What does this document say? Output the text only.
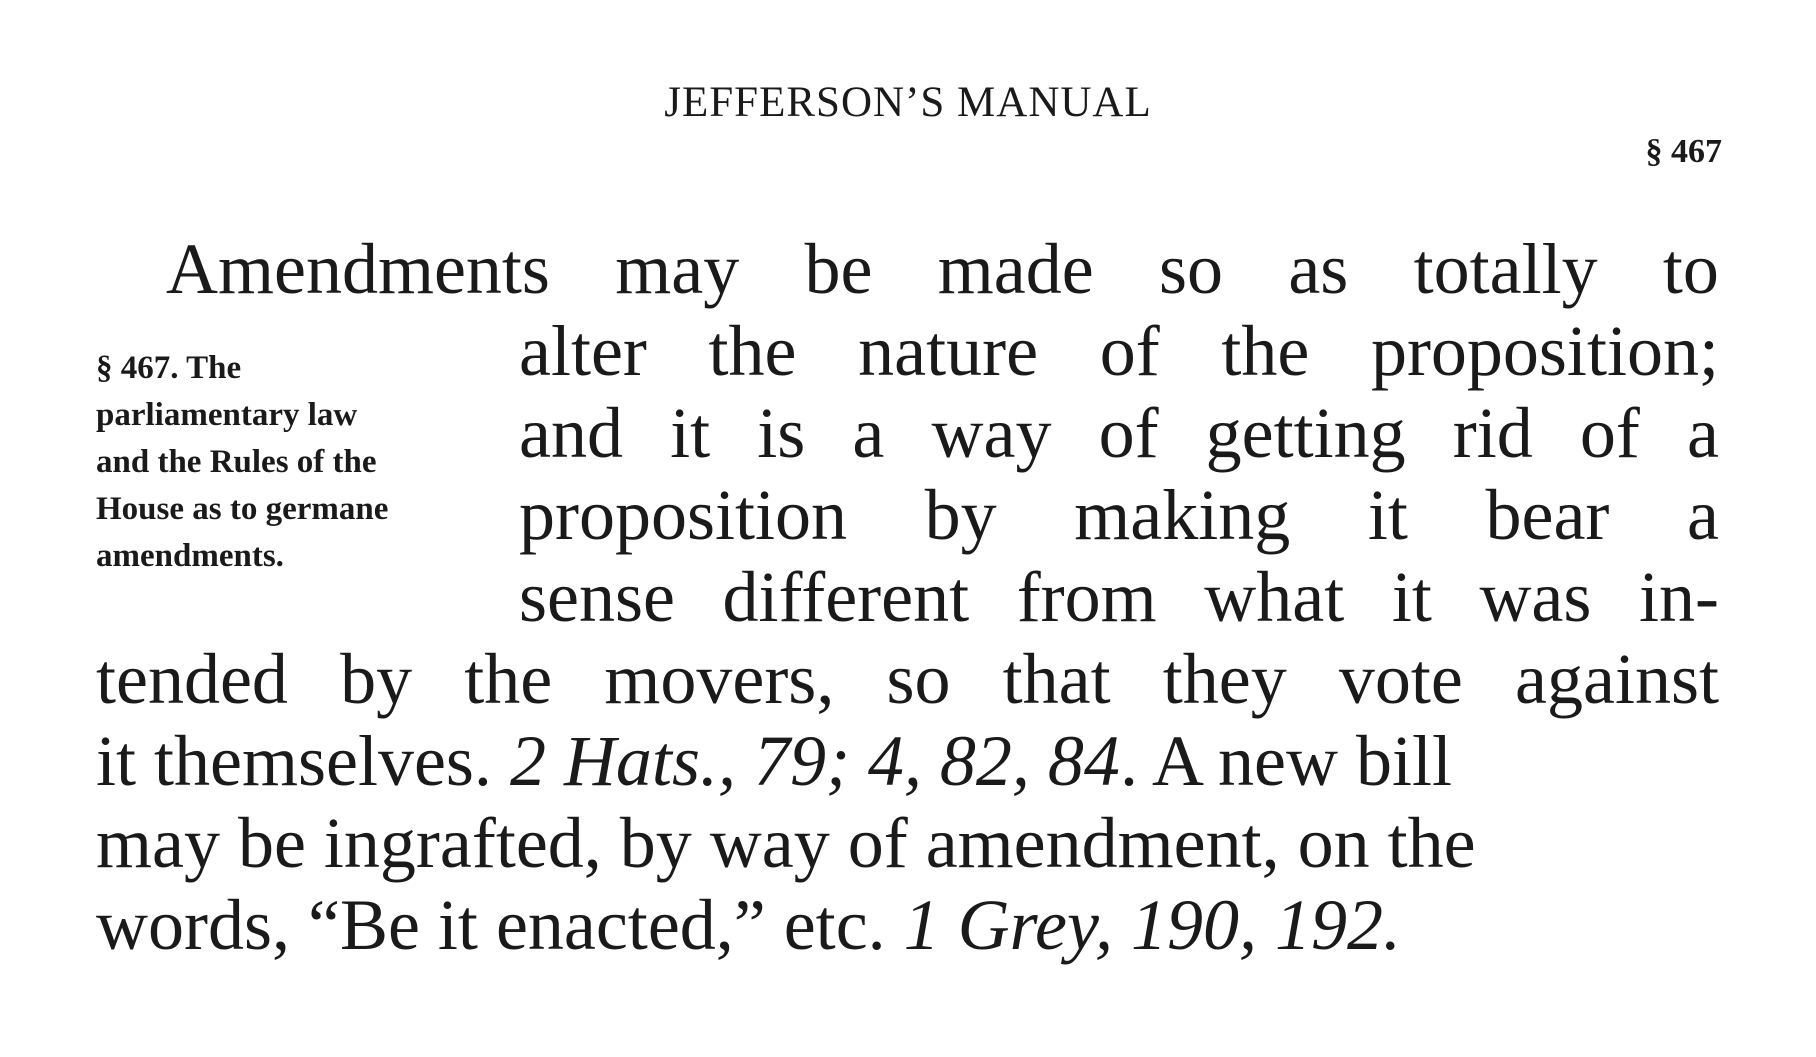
JEFFERSON’S MANUAL
§ 467
§ 467. The
parliamentary law
and the Rules of the
House as to germane
amendments.
Amendments may be made so as totally to
alter the nature of the proposition;
and it is a way of getting rid of a
proposition by making it bear a
sense different from what it was in-
tended by the movers, so that they vote against
it themselves. 2 Hats., 79; 4, 82, 84. A new bill
may be ingrafted, by way of amendment, on the
words, “Be it enacted,” etc. 1 Grey, 190, 192.
